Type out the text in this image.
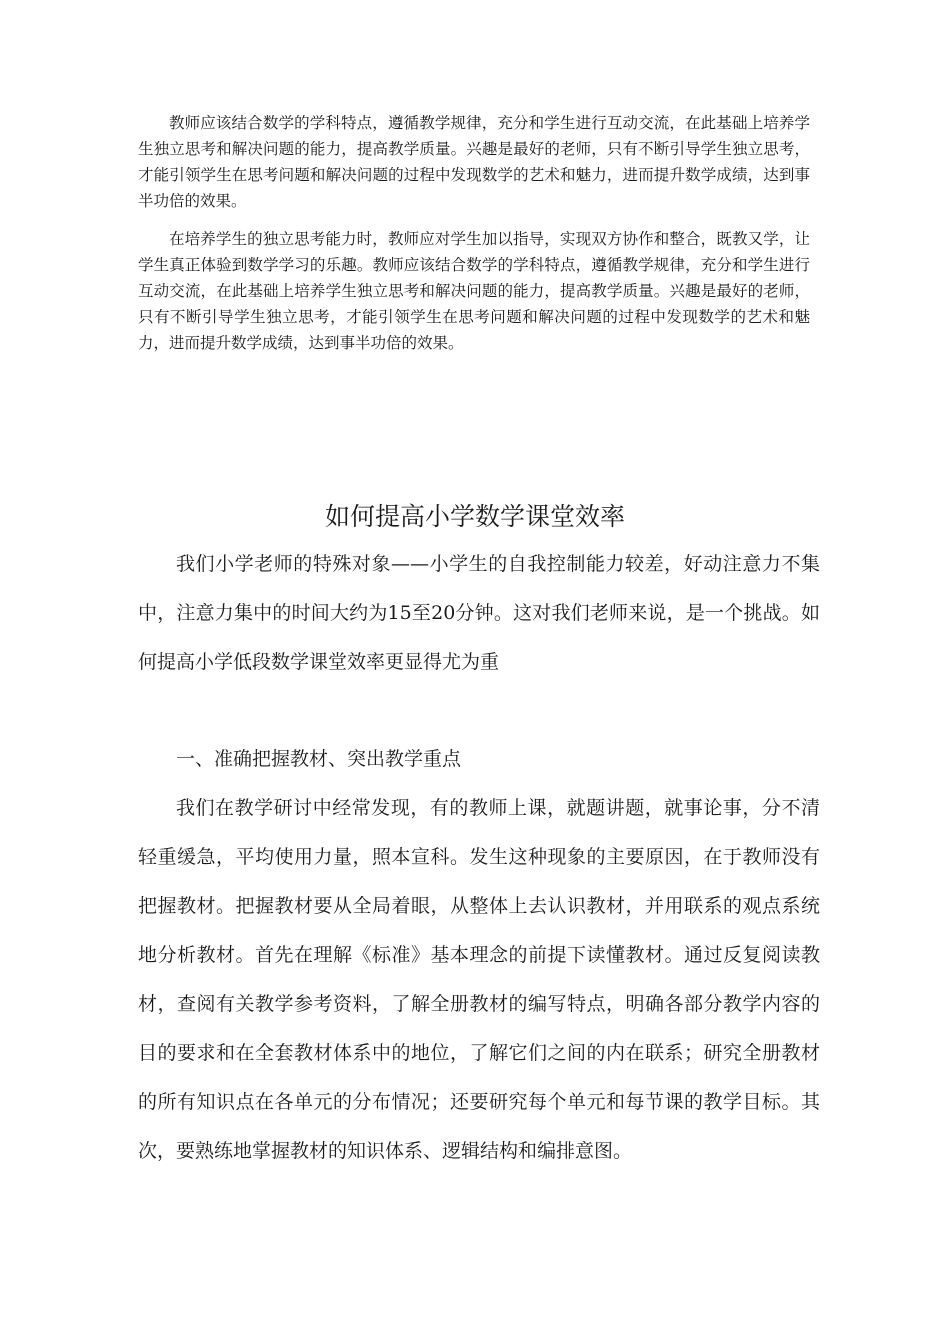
教师应该结合数学的学科特点，遵循教学规律，充分和学生进行互动交流，在此基础上培养学生独立思考和解决问题的能力，提高教学质量。兴趣是最好的老师，只有不断引导学生独立思考，才能引领学生在思考问题和解决问题的过程中发现数学的艺术和魅力，进而提升数学成绩，达到事半功倍的效果。

在培养学生的独立思考能力时，教师应对学生加以指导，实现双方协作和整合，既教又学，让学生真正体验到数学学习的乐趣。教师应该结合数学的学科特点，遵循教学规律，充分和学生进行互动交流，在此基础上培养学生独立思考和解决问题的能力，提高教学质量。兴趣是最好的老师，只有不断引导学生独立思考，才能引领学生在思考问题和解决问题的过程中发现数学的艺术和魅力，进而提升数学成绩，达到事半功倍的效果。

如何提高小学数学课堂效率

我们小学老师的特殊对象——小学生的自我控制能力较差，好动注意力不集中，注意力集中的时间大约为15至20分钟。这对我们老师来说，是一个挑战。如何提高小学低段数学课堂效率更显得尤为重

一、准确把握教材、突出教学重点

我们在教学研讨中经常发现，有的教师上课，就题讲题，就事论事，分不清轻重缓急，平均使用力量，照本宣科。发生这种现象的主要原因，在于教师没有把握教材。把握教材要从全局着眼，从整体上去认识教材，并用联系的观点系统地分析教材。首先在理解《标准》基本理念的前提下读懂教材。通过反复阅读教材，查阅有关教学参考资料，了解全册教材的编写特点，明确各部分教学内容的目的要求和在全套教材体系中的地位，了解它们之间的内在联系；研究全册教材的所有知识点在各单元的分布情况；还要研究每个单元和每节课的教学目标。其次，要熟练地掌握教材的知识体系、逻辑结构和编排意图。
